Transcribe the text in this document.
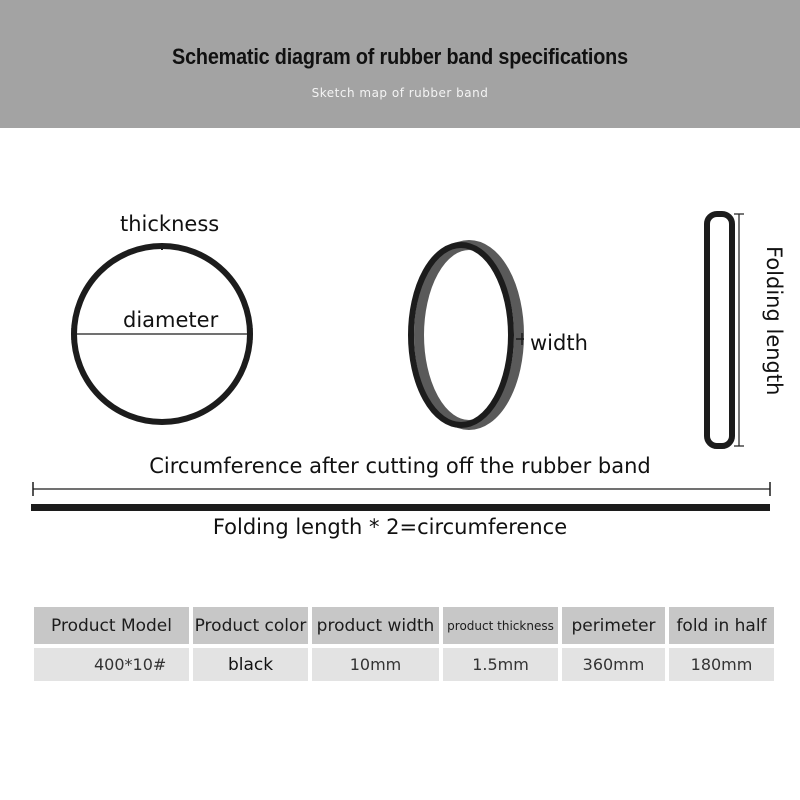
Schematic diagram of rubber band specifications
Sketch map of rubber band
thickness
diameter
width	Folding length
Circumference after cutting off the rubber band
Folding length * 2=circumference
Product Model	Product color	product width	product thickness	perimeter	fold in half
400*10#	black	10mm	1.5mm	360mm	180mm
